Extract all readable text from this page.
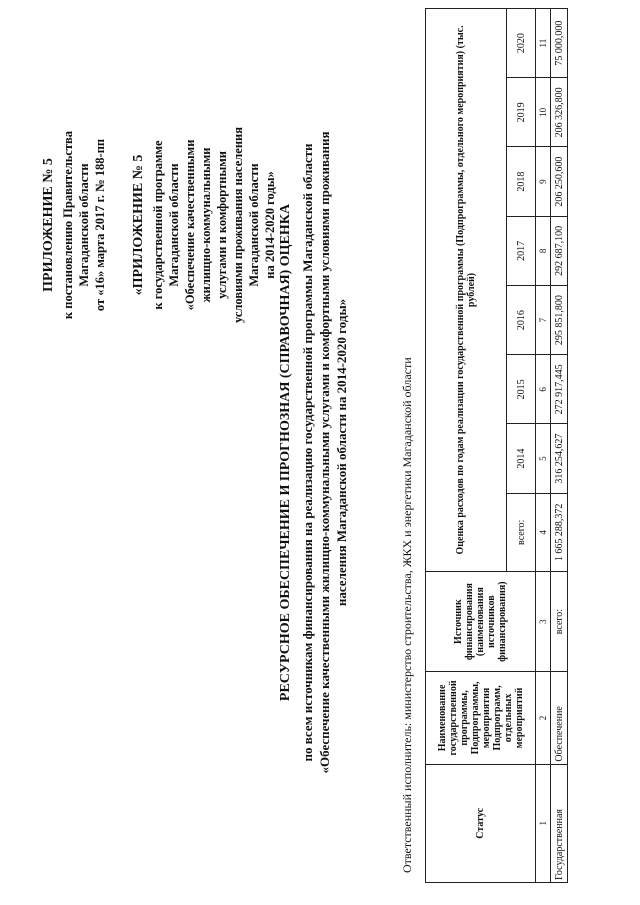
ПРИЛОЖЕНИЕ № 5 к постановлению Правительства Магаданской области от «16» марта 2017 г. № 188-пп «ПРИЛОЖЕНИЕ № 5 к государственной программе Магаданской области «Обеспечение качественными жилищно-коммунальными услугами и комфортными условиями проживания населения Магаданской области на 2014-2020 годы» РЕСУРСНОЕ ОБЕСПЕЧЕНИЕ И ПРОГНОЗНАЯ (СПРАВОЧНАЯ) ОЦЕНКА по всем источникам финансирования на реализацию государственной программы Магаданской области «Обеспечение качественными жилищно-коммунальными услугами и комфортными условиями проживания населения Магаданской области на 2014-2020 годы»	Ответственный исполнитель: министерство строительства, ЖКХ и энергетики Магаданской области	Статус	Наименование государственной программы, Подпрограммы, мероприятия Подпрограмм, отдельных мероприятий	Источник финансирования (наименования источников финансирования)	Оценка расходов по годам реализации государственной программы (Подпрограммы, отдельного мероприятия) (тыс. рублей)							
			всего:	2014	2015	2016	2017	2018	2019	2020
1	2	3	4	5	6	7	8	9	10	11
Государственная	Обеспечение	всего:	1 665 288,372	316 254,627	272 917,445	295 851,800	292 687,100	206 250,600	206 326,800	75 000,000
